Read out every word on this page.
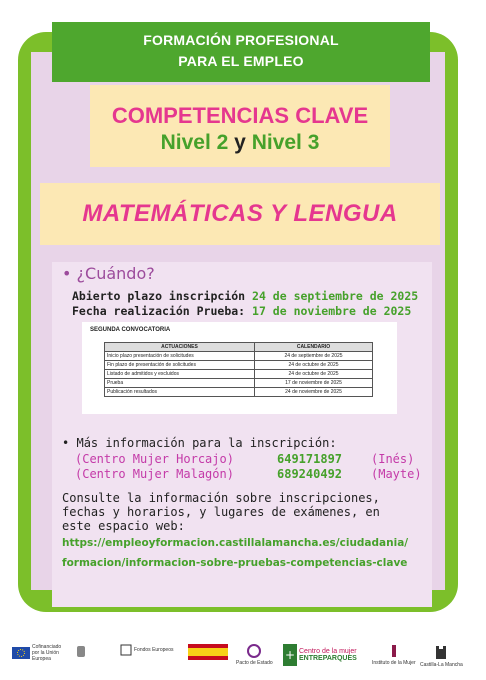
FORMACIÓN PROFESIONAL
PARA EL EMPLEO
COMPETENCIAS CLAVE
Nivel 2 y Nivel 3
MATEMÁTICAS Y LENGUA
• ¿Cuándo?
Abierto plazo inscripción 24 de septiembre de 2025
Fecha realización Prueba: 17 de noviembre de 2025
SEGUNDA CONVOCATORIA
ACTUACIONES	CALENDARIO
Inicio plazo presentación de solicitudes	24 de septiembre de 2025
Fin plazo de presentación de solicitudes	24 de octubre de 2025
Listado de admitidos y excluidos	24 de octubre de 2025
Prueba	17 de noviembre de 2025
Publicación resultados	24 de noviembre de 2025
• Más información para la inscripción:
(Centro Mujer Horcajo)	649171897 (Inés)
(Centro Mujer Malagón)	689240492 (Mayte)
Consulte la información sobre inscripciones, fechas y horarios, y lugares de exámenes, en este espacio web:
https://empleoyformacion.castillalamancha.es/ciudadania/
formacion/informacion-sobre-pruebas-competencias-clave
Cofinanciado por la Unión Europea
Fondos Europeos
Pacto de Estado
+ Centro de la mujer
ENTREPARQUES
Instituto de la Mujer Castilla-La Mancha
